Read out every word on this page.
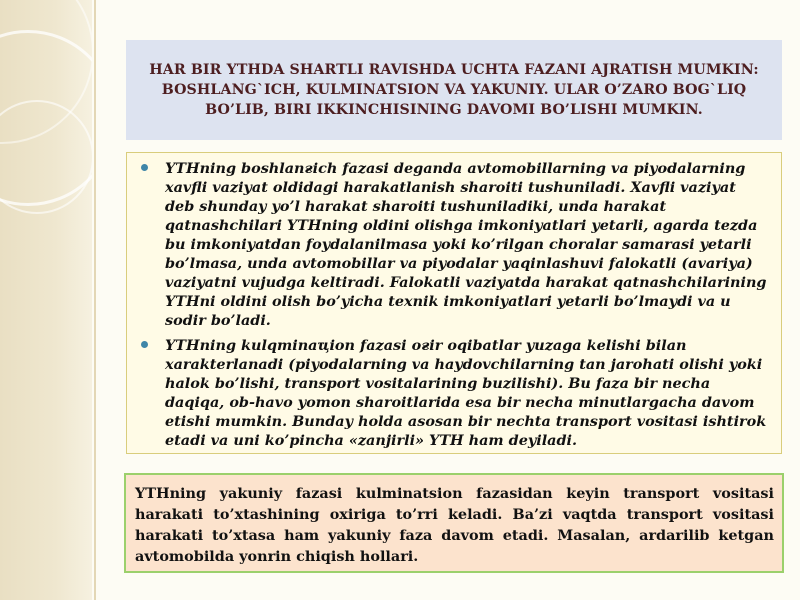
HAR BIR YTHDA SHARTLI RAVISHDA UCHTA FAZANI AJRATISH MUMKIN: BOSHLANG`ICH, KULMINATSION VA YAKUNIY. ULAR O’ZARO BOG`LIQ BO’LIB, BIRI IKKINCHISINING DAVOMI BO’LISHI MUMKIN.
YTHning boshlanғich fazasi deganda avtomobillarning va piyodalarning xavfli vaziyat oldidagi harakatlanish sharoiti tushuniladi. Xavfli vaziyat deb shunday yo’l harakat sharoiti tushuniladiki, unda harakat qatnashchilari YTHning oldini olishga imkoniyatlari yetarli, agarda tezda bu imkoniyatdan foydalanilmasa yoki ko’rilgan choralar samarasi yetarli bo’lmasa, unda avtomobillar va piyodalar yaqinlashuvi falokatli (avariya) vaziyatni vujudga keltiradi. Falokatli vaziyatda harakat qatnashchilarining YTHni oldini olish bo’yicha texnik imkoniyatlari yetarli bo’lmaydi va u sodir bo’ladi.
YTHning kulqminaҵion fazasi oғir oqibatlar yuzaga kelishi bilan xarakterlanadi (piyodalarning va haydovchilarning tan jarohati olishi yoki halok bo’lishi, transport vositalarining buzilishi). Bu faza bir necha daqiqa, ob-havo yomon sharoitlarida esa bir necha minutlargacha davom etishi mumkin. Bunday holda asosan bir nechta transport vositasi ishtirok etadi va uni ko’pincha «zanjirli» YTH ham deyiladi.
YTHning yakuniy fazasi kulminatsion fazasidan keyin transport vositasi harakati to’xtashining oxiriga to’rri keladi. Ba’zi vaqtda transport vositasi harakati to’xtasa ham yakuniy faza davom etadi. Masalan, ardarilib ketgan avtomobilda yonrin chiqish hollari.
